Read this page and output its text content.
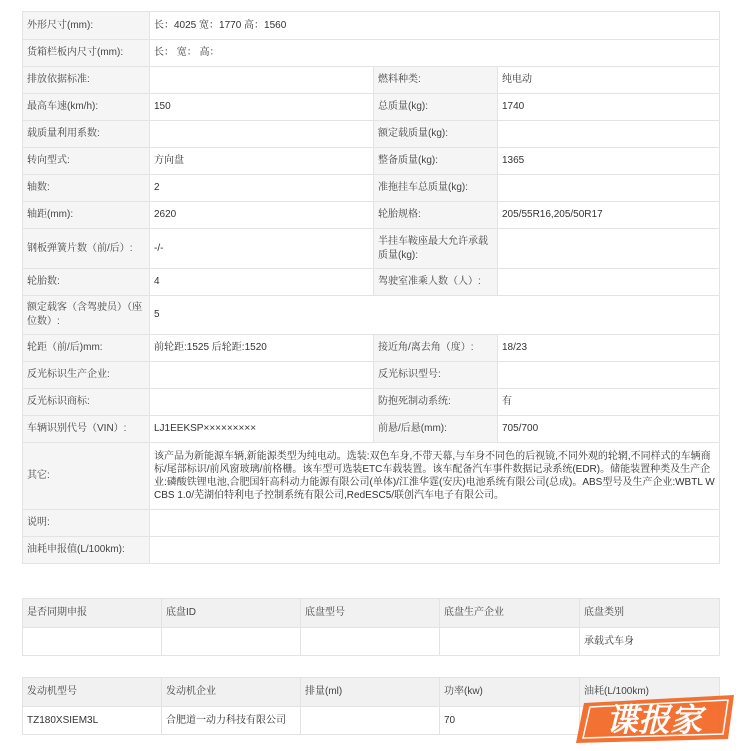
外形尺寸(mm):	长：4025 宽：1770 高：1560		
货箱栏板内尺寸(mm):	长： 宽： 高：		
排放依据标准:		燃料种类:	纯电动
最高车速(km/h):	150	总质量(kg):	1740
载质量利用系数:		额定载质量(kg):	
转向型式:	方向盘	整备质量(kg):	1365
轴数:	2	准拖挂车总质量(kg):	
轴距(mm):	2620	轮胎规格:	205/55R16,205/50R17
钢板弹簧片数（前/后）:	-/-	半挂车鞍座最大允许承载质量(kg):	
轮胎数:	4	驾驶室准乘人数（人）:	
额定载客（含驾驶员）（座位数）:	5		
轮距（前/后)mm:	前轮距:1525 后轮距:1520	接近角/离去角（度）:	18/23
反光标识生产企业:		反光标识型号:	
反光标识商标:		防抱死制动系统:	有
车辆识别代号（VIN）:	LJ1EEKSP×××××××××	前悬/后悬(mm):	705/700
其它:	该产品为新能源车辆,新能源类型为纯电动。选装:双色车身,不带天幕,与车身不同色的后视镜,不同外观的轮辋,不同样式的车辆商标/尾部标识/前风窗玻璃/前格栅。该车型可选装ETC车载装置。该车配备汽车事件数据记录系统(EDR)。储能装置种类及生产企业:磷酸铁锂电池,合肥国轩高科动力能源有限公司(单体)/江淮华霆(安庆)电池系统有限公司(总成)。ABS型号及生产企业:WBTL WCBS 1.0/芜湖伯特利电子控制系统有限公司,RedESC5/联创汽车电子有限公司。		
说明:			
油耗申报值(L/100km):			
是否同期申报	底盘ID	底盘型号	底盘生产企业	底盘类别
				承载式车身
发动机型号	发动机企业	排量(ml)	功率(kw)	油耗(L/100km)
TZ180XSIEM3L	合肥道一动力科技有限公司		70		谍报家
